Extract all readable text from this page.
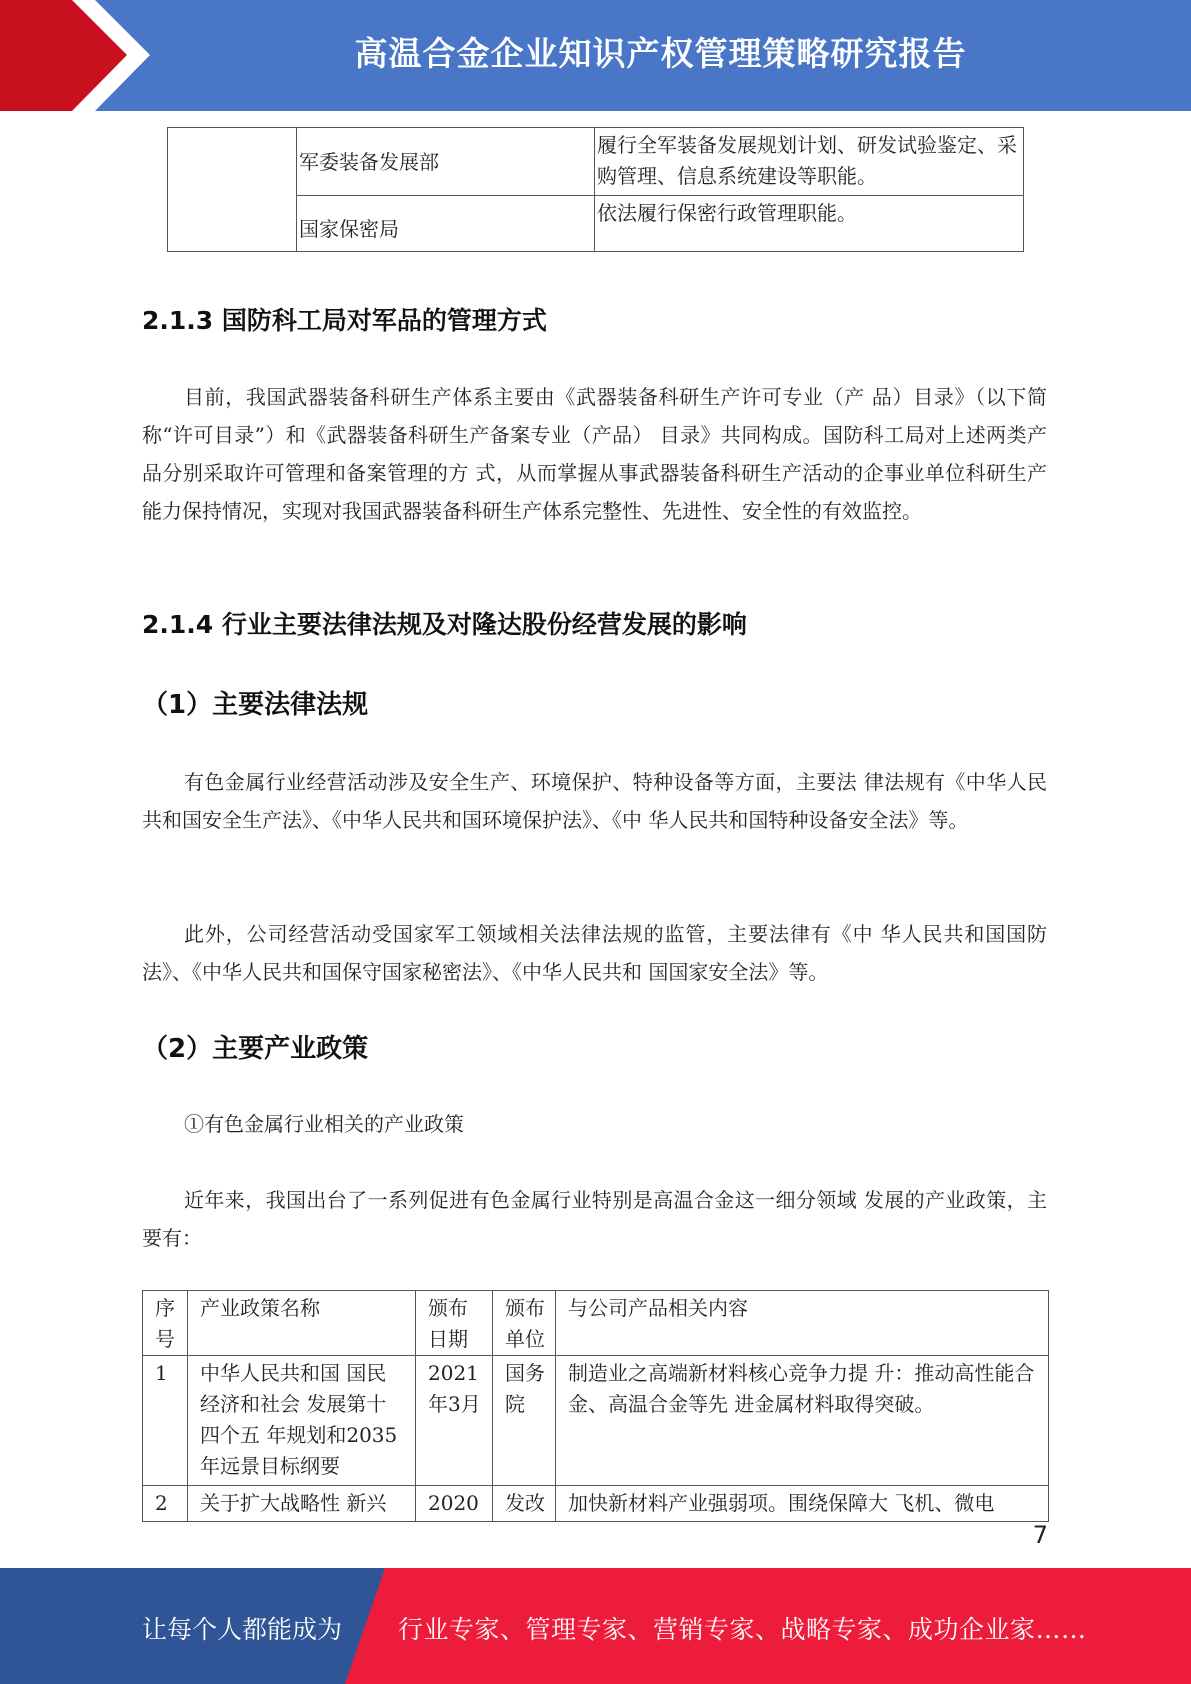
高温合金企业知识产权管理策略研究报告
	军委装备发展部	履行全军装备发展规划计划、研发试验鉴定、采购管理、信息系统建设等职能。
	国家保密局	依法履行保密行政管理职能。
2.1.3 国防科工局对军品的管理方式

目前，我国武器装备科研生产体系主要由《武器装备科研生产许可专业（产 品）目录》（以下简称“许可目录”）和《武器装备科研生产备案专业（产品） 目录》共同构成。国防科工局对上述两类产品分别采取许可管理和备案管理的方 式，从而掌握从事武器装备科研生产活动的企事业单位科研生产能力保持情况，实现对我国武器装备科研生产体系完整性、先进性、安全性的有效监控。

2.1.4 行业主要法律法规及对隆达股份经营发展的影响
（1）主要法律法规

有色金属行业经营活动涉及安全生产、环境保护、特种设备等方面，主要法 律法规有《中华人民共和国安全生产法》、《中华人民共和国环境保护法》、《中 华人民共和国特种设备安全法》等。

此外，公司经营活动受国家军工领域相关法律法规的监管，主要法律有《中 华人民共和国国防法》、《中华人民共和国保守国家秘密法》、《中华人民共和 国国家安全法》等。

（2）主要产业政策

①有色金属行业相关的产业政策

近年来，我国出台了一系列促进有色金属行业特别是高温合金这一细分领域 发展的产业政策，主要有：

序号	产业政策名称	颁布日期	颁布单位	与公司产品相关内容
1	中华人民共和国 国民经济和社会 发展第十四个五 年规划和2035年远景目标纲要	2021年3月	国务院	制造业之高端新材料核心竞争力提 升：推动高性能合金、高温合金等先 进金属材料取得突破。
2	关于扩大战略性 新兴	2020	发改	加快新材料产业强弱项。围绕保障大 飞机、微电
7
让每个人都能成为 行业专家、管理专家、营销专家、战略专家、成功企业家……
